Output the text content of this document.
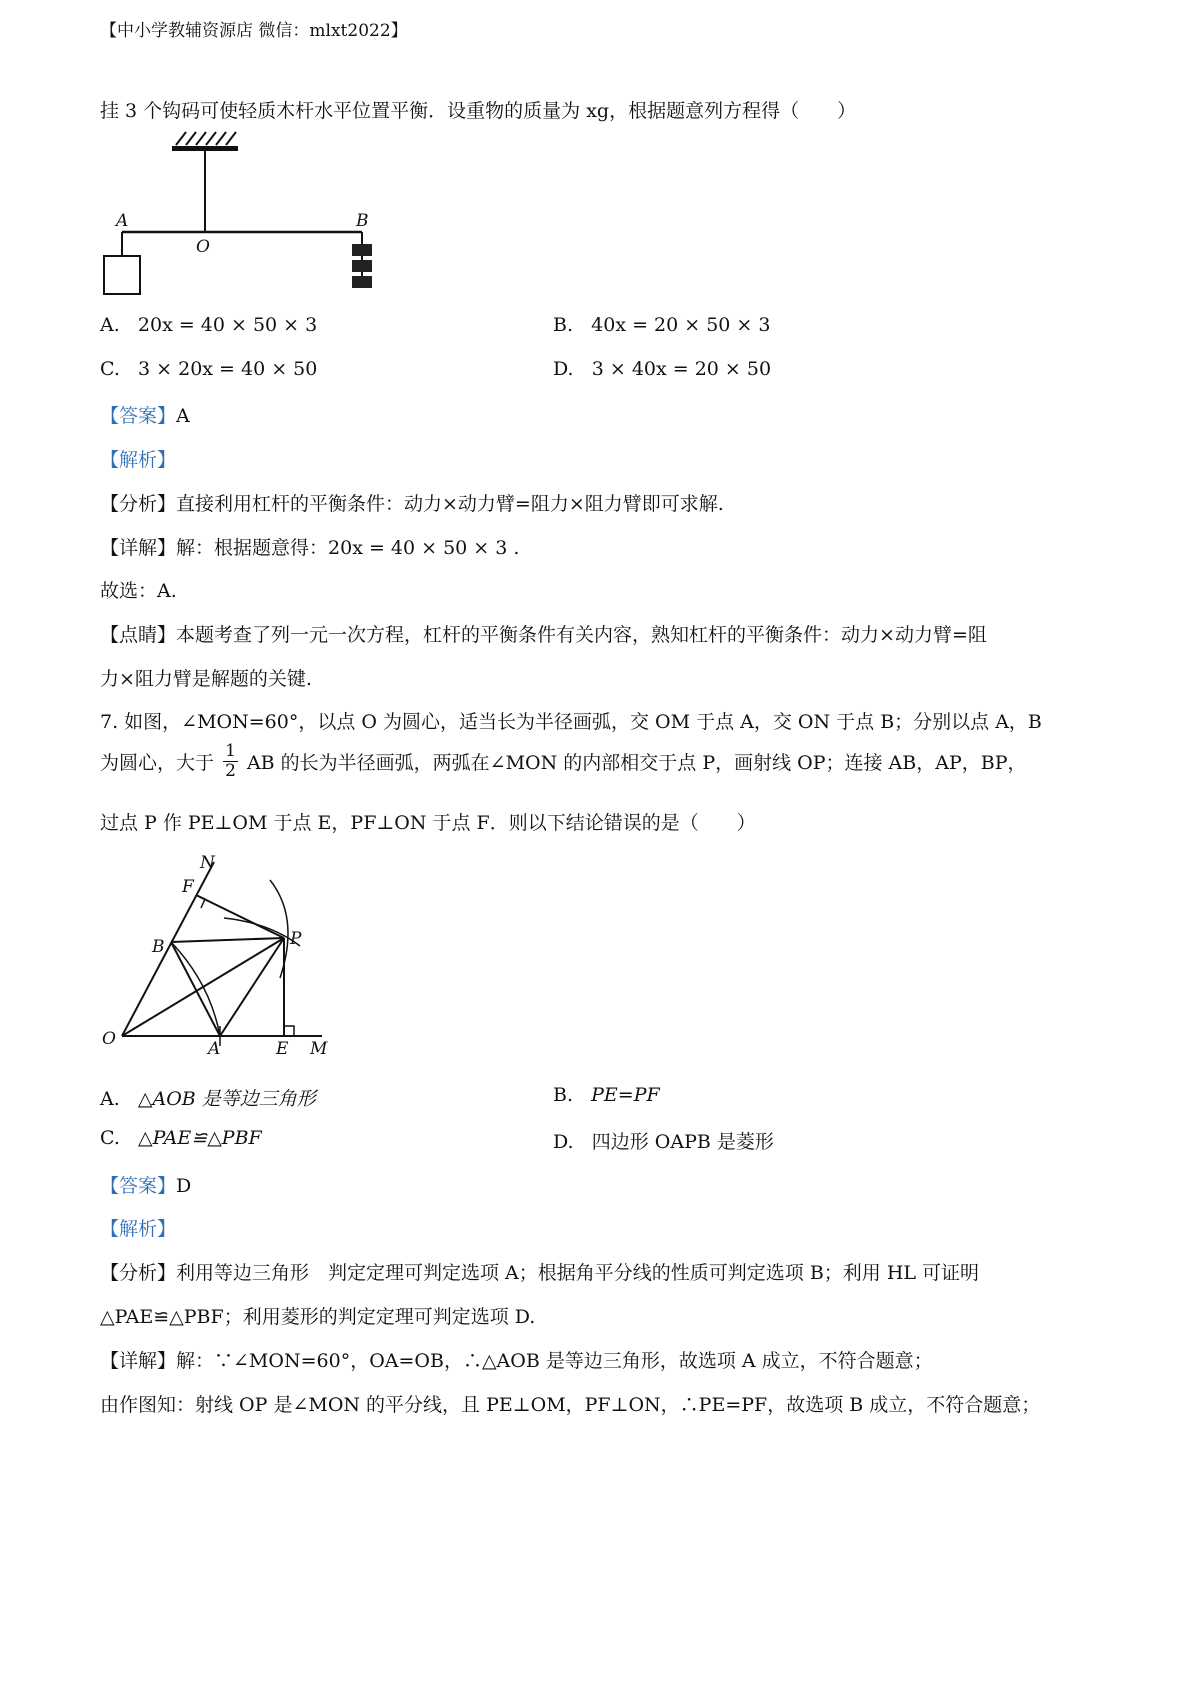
【中小学教辅资源店 微信：mlxt2022】
挂 3 个钩码可使轻质木杆水平位置平衡．设重物的质量为 xg，根据题意列方程得（　　）
A
O
B
A. 20x = 40 × 50 × 3	B. 40x = 20 × 50 × 3
C. 3 × 20x = 40 × 50	D. 3 × 40x = 20 × 50
【答案】A
【解析】
【分析】直接利用杠杆的平衡条件：动力×动力臂=阻力×阻力臂即可求解.
【详解】解：根据题意得：20x = 40 × 50 × 3 .
故选：A.
【点睛】本题考查了列一元一次方程，杠杆的平衡条件有关内容，熟知杠杆的平衡条件：动力×动力臂=阻
力×阻力臂是解题的关键.
7. 如图，∠MON=60°，以点 O 为圆心，适当长为半径画弧，交 OM 于点 A，交 ON 于点 B；分别以点 A，B
为圆心，大于 $\frac{1}{2}$ AB 的长为半径画弧，两弧在∠MON 的内部相交于点 P，画射线 OP；连接 AB，AP，BP，
过点 P 作 PE⊥OM 于点 E，PF⊥ON 于点 F．则以下结论错误的是（　　）
O	A	E M
B	P
F
N
A. △AOB 是等边三角形	B. PE=PF
C. △PAE≌△PBF	D. 四边形 OAPB 是菱形
【答案】D
【解析】
【分析】利用等边三角形　判定定理可判定选项 A；根据角平分线的性质可判定选项 B；利用 HL 可证明
△PAE≌△PBF；利用菱形的判定定理可判定选项 D.
【详解】解：∵∠MON=60°，OA=OB，∴△AOB 是等边三角形，故选项 A 成立，不符合题意；
由作图知：射线 OP 是∠MON 的平分线，且 PE⊥OM，PF⊥ON，∴PE=PF，故选项 B 成立，不符合题意；
